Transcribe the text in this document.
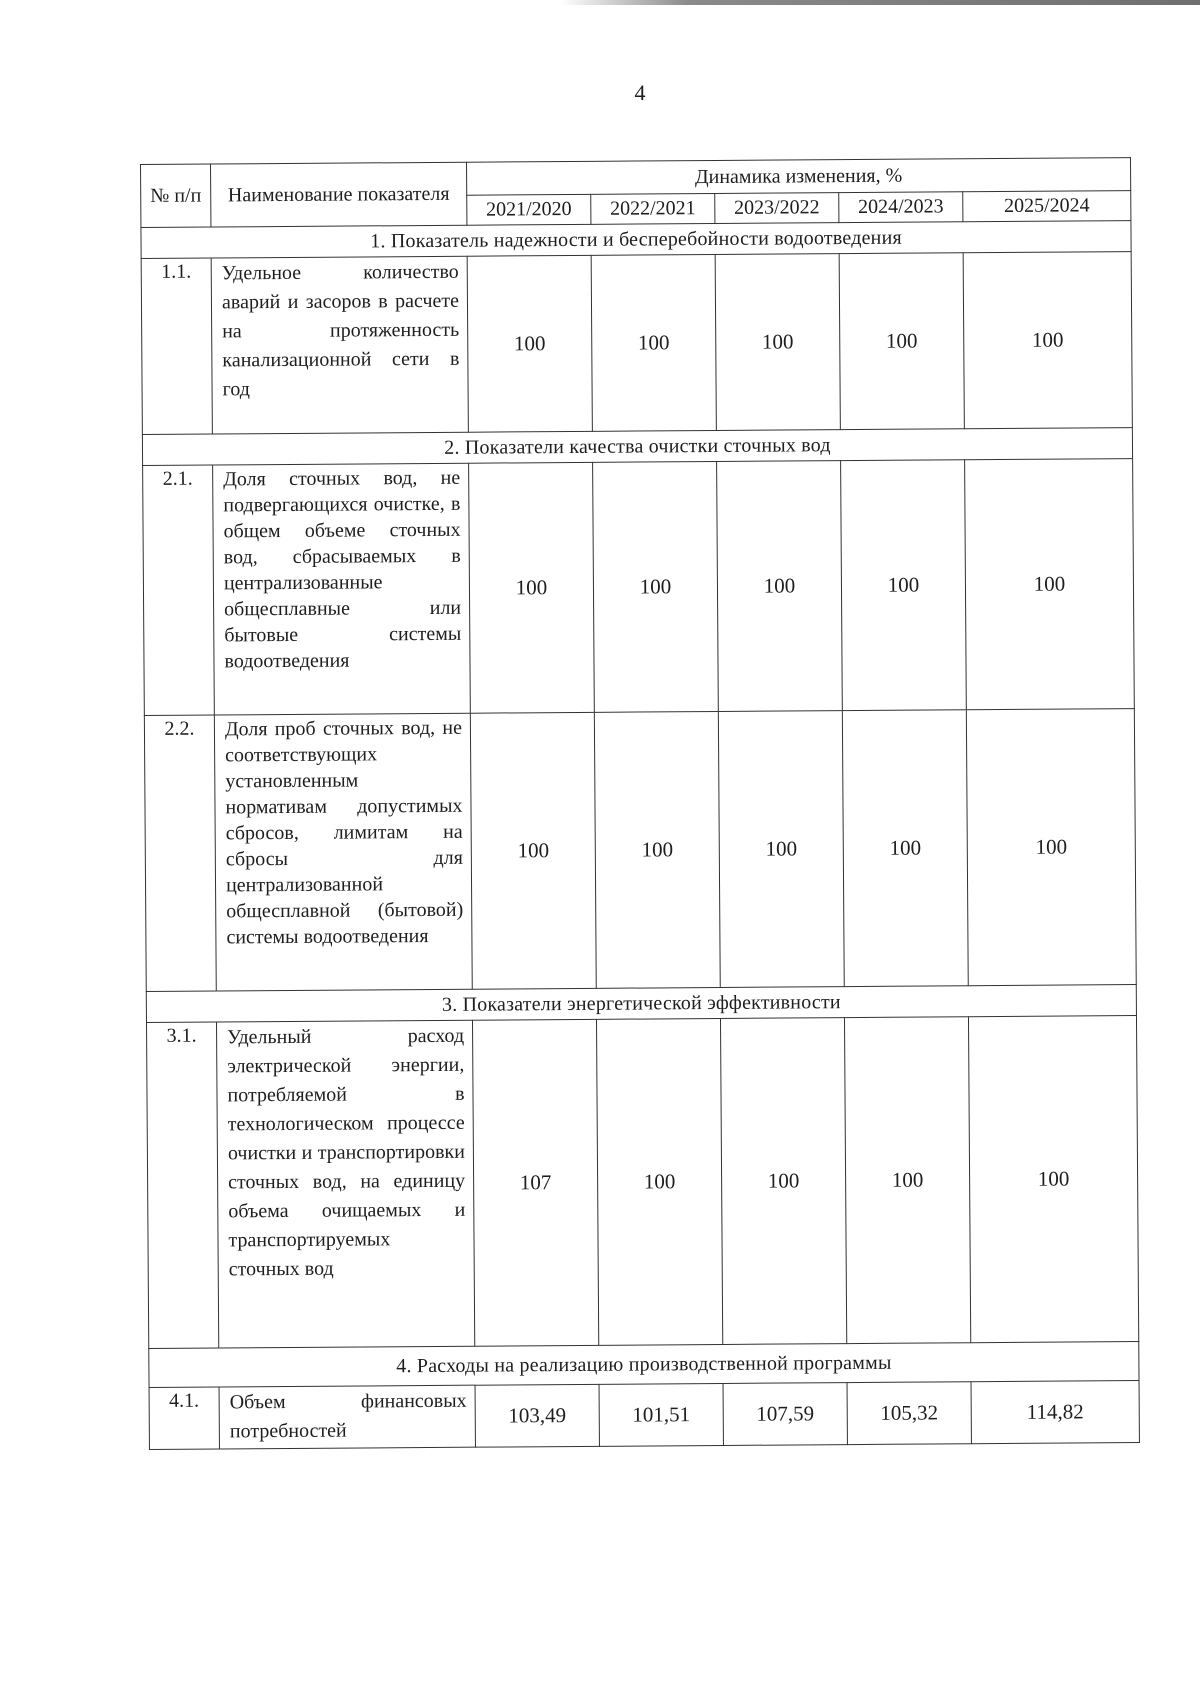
4
№ п/п	Наименование показателя	Динамика изменения, %				
		2021/2020	2022/2021	2023/2022	2024/2023	2025/2024
1. Показатель надежности и бесперебойности водоотведения						
1.1.	Удельное количество аварий и засоров в расчете на протяженность канализационной сети в год	100	100	100	100	100
2. Показатели качества очистки сточных вод						
2.1.	Доля сточных вод, не подвергающихся очистке, в общем объеме сточных вод, сбрасываемых в централизованные общесплавные или бытовые системы водоотведения	100	100	100	100	100
2.2.	Доля проб сточных вод, не соответствующих установленным нормативам допустимых сбросов, лимитам на сбросы для централизованной общесплавной (бытовой) системы водоотведения	100	100	100	100	100
3. Показатели энергетической эффективности						
3.1.	Удельный расход электрической энергии, потребляемой в технологическом процессе очистки и транспортировки сточных вод, на единицу объема очищаемых и транспортируемых сточных вод	107	100	100	100	100
4. Расходы на реализацию производственной программы						
4.1.	Объем финансовых потребностей	103,49	101,51	107,59	105,32	114,82
